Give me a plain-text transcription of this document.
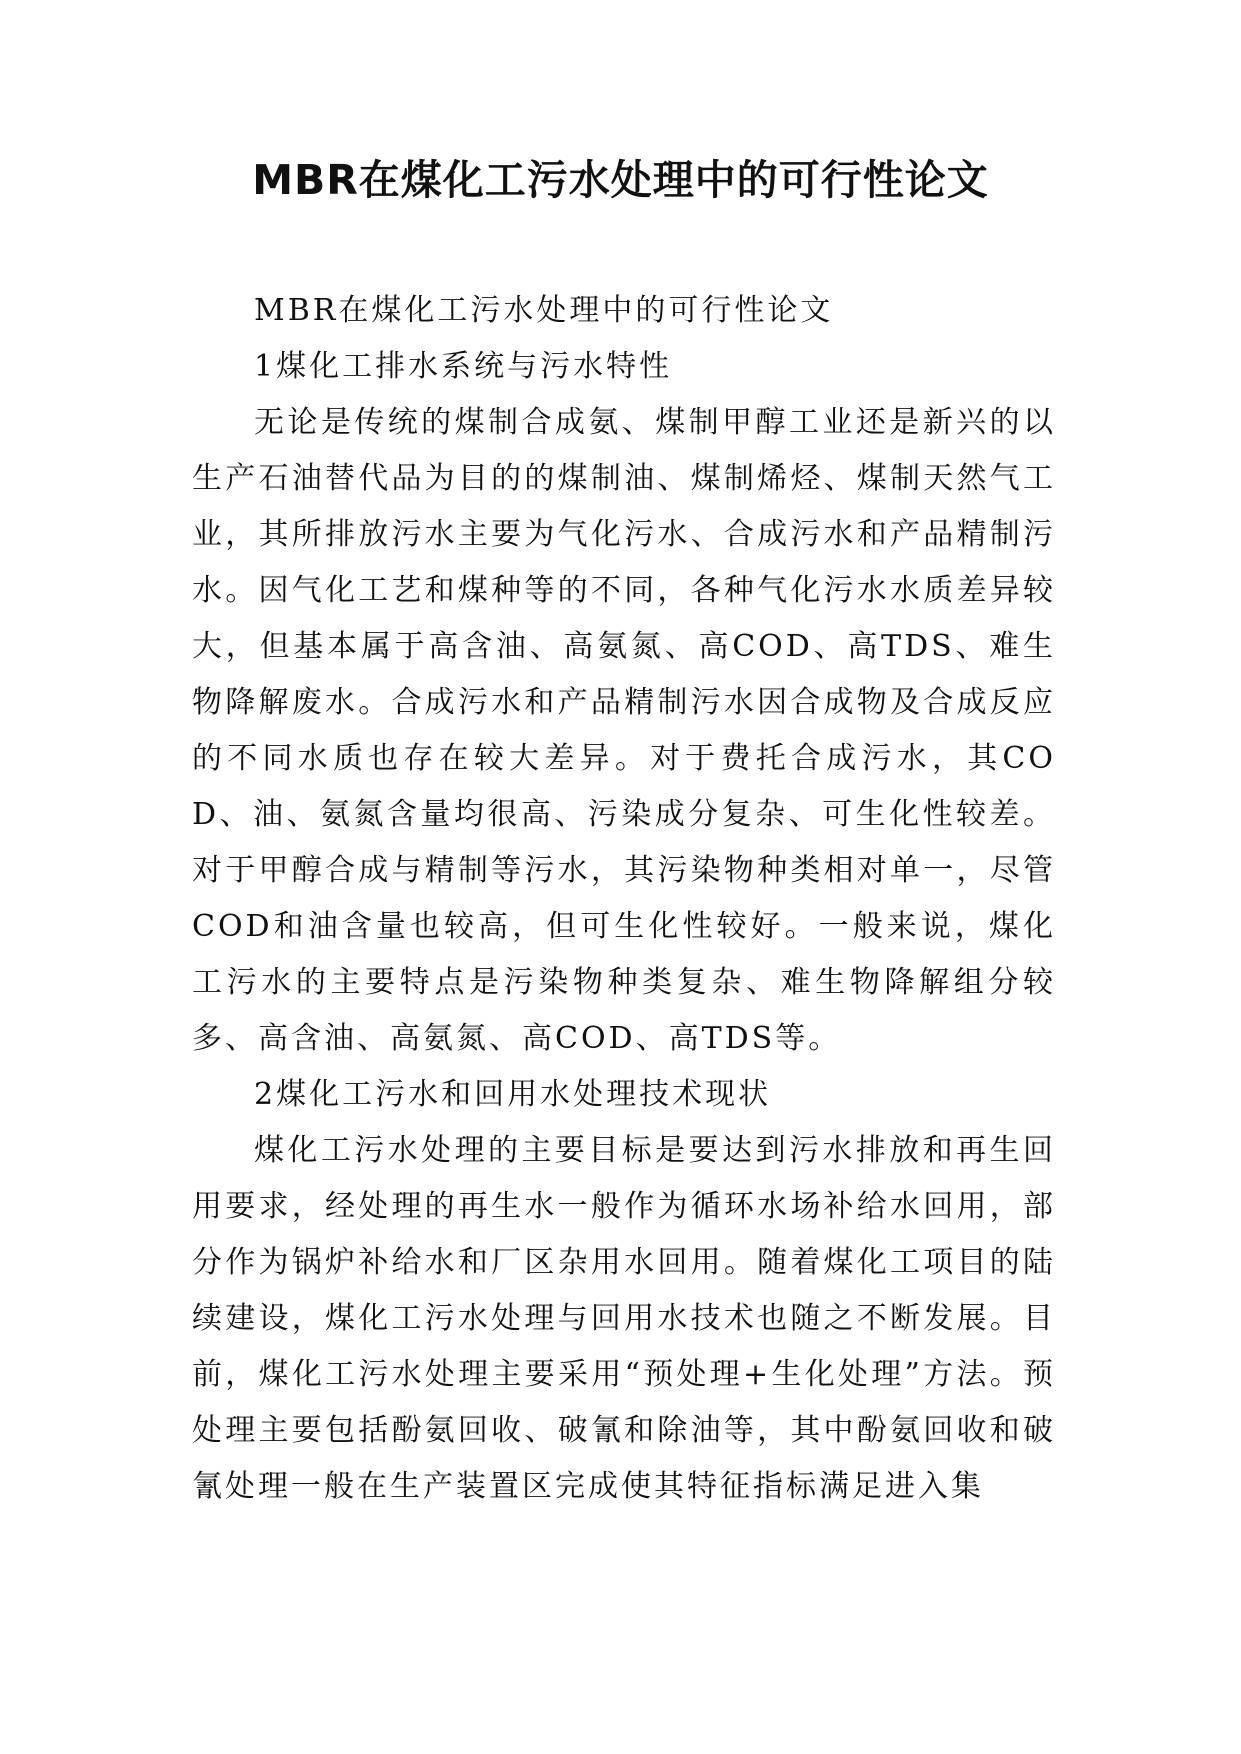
MBR在煤化工污水处理中的可行性论文

MBR在煤化工污水处理中的可行性论文

1煤化工排水系统与污水特性

无论是传统的煤制合成氨、煤制甲醇工业还是新兴的以生产石油替代品为目的的煤制油、煤制烯烃、煤制天然气工业，其所排放污水主要为气化污水、合成污水和产品精制污水。因气化工艺和煤种等的不同，各种气化污水水质差异较大，但基本属于高含油、高氨氮、高COD、高TDS、难生物降解废水。合成污水和产品精制污水因合成物及合成反应的不同水质也存在较大差异。对于费托合成污水，其COD、油、氨氮含量均很高、污染成分复杂、可生化性较差。对于甲醇合成与精制等污水，其污染物种类相对单一，尽管COD和油含量也较高，但可生化性较好。一般来说，煤化工污水的主要特点是污染物种类复杂、难生物降解组分较多、高含油、高氨氮、高COD、高TDS等。

2煤化工污水和回用水处理技术现状

煤化工污水处理的主要目标是要达到污水排放和再生回用要求，经处理的再生水一般作为循环水场补给水回用，部分作为锅炉补给水和厂区杂用水回用。随着煤化工项目的陆续建设，煤化工污水处理与回用水技术也随之不断发展。目前，煤化工污水处理主要采用“预处理+生化处理”方法。预处理主要包括酚氨回收、破氰和除油等，其中酚氨回收和破氰处理一般在生产装置区完成使其特征指标满足进入集
